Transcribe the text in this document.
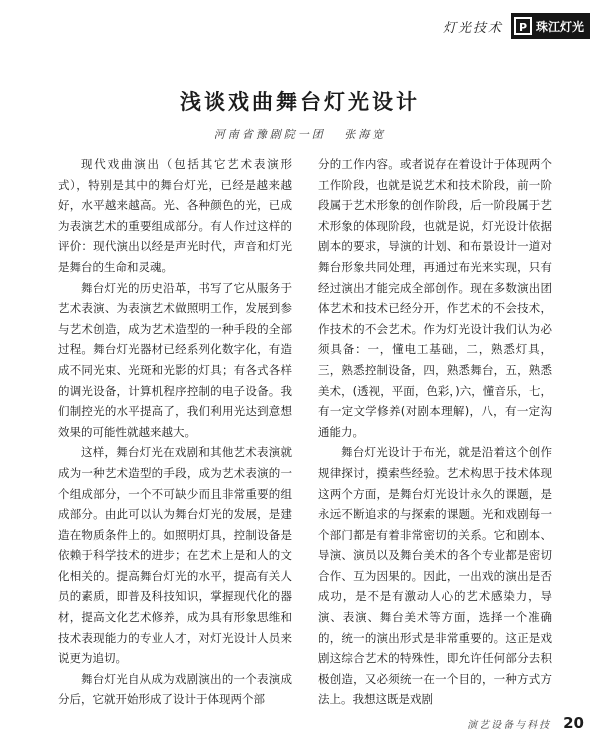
灯光技术	P 珠江灯光
浅谈戏曲舞台灯光设计
河南省豫剧院一团 张海宽

现代戏曲演出（包括其它艺术表演形式），特别是其中的舞台灯光，已经是越来越好，水平越来越高。光、各种颜色的光，已成为表演艺术的重要组成部分。有人作过这样的评价：现代演出以经是声光时代，声音和灯光是舞台的生命和灵魂。

舞台灯光的历史沿革，书写了它从服务于艺术表演、为表演艺术做照明工作，发展到参与艺术创造，成为艺术造型的一种手段的全部过程。舞台灯光器材已经系列化数字化，有造成不同光束、光斑和光影的灯具；有各式各样的调光设备，计算机程序控制的电子设备。我们制控光的水平提高了，我们利用光达到意想效果的可能性就越来越大。

这样，舞台灯光在戏剧和其他艺术表演就成为一种艺术造型的手段，成为艺术表演的一个组成部分，一个不可缺少而且非常重要的组成部分。由此可以认为舞台灯光的发展，是建造在物质条件上的。如照明灯具，控制设备是依赖于科学技术的进步；在艺术上是和人的文化相关的。提高舞台灯光的水平，提高有关人员的素质，即普及科技知识，掌握现代化的器材，提高文化艺术修养，成为具有形象思维和技术表现能力的专业人才，对灯光设计人员来说更为追切。

舞台灯光自从成为戏剧演出的一个表演成分后，它就开始形成了设计于体现两个部

分的工作内容。或者说存在着设计于体现两个工作阶段，也就是说艺术和技术阶段，前一阶段属于艺术形象的创作阶段，后一阶段属于艺术形象的体现阶段，也就是说，灯光设计依据剧本的要求，导演的计划、和布景设计一道对舞台形象共同处理，再通过布光来实现，只有经过演出才能完成全部创作。现在多数演出团体艺术和技术已经分开，作艺术的不会技术，作技术的不会艺术。作为灯光设计我们认为必须具备：一，懂电工基础，二，熟悉灯具，三，熟悉控制设备，四，熟悉舞台，五，熟悉美术，(透视，平面，色彩，)六，懂音乐，七，有一定文学修养(对剧本理解)，八，有一定沟通能力。

舞台灯光设计于布光，就是沿着这个创作规律探讨，摸索些经验。艺术构思于技术体现这两个方面，是舞台灯光设计永久的课题，是永远不断追求的与探索的课题。光和戏剧每一个部门都是有着非常密切的关系。它和剧本、导演、演员以及舞台美术的各个专业都是密切合作、互为因果的。因此，一出戏的演出是否成功，是不是有激动人心的艺术感染力，导演、表演、舞台美术等方面，选择一个准确的，统一的演出形式是非常重要的。这正是戏剧这综合艺术的特殊性，即允许任何部分去积极创造，又必须统一在一个目的，一种方式方法上。我想这既是戏剧

演艺设备与科技 20
